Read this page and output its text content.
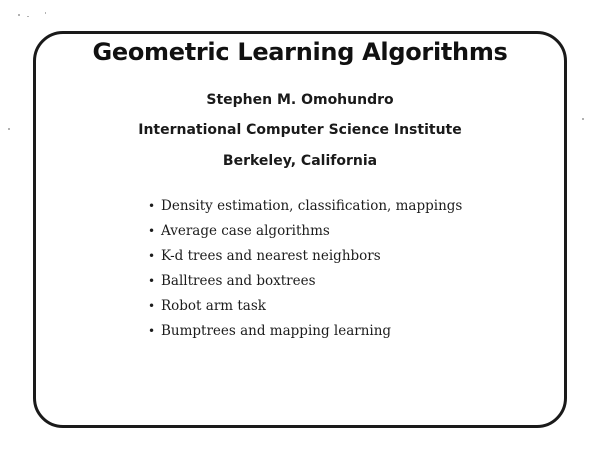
Geometric Learning Algorithms
Stephen M. Omohundro
International Computer Science Institute
Berkeley, California
• Density estimation, classification, mappings
• Average case algorithms
• K-d trees and nearest neighbors
• Balltrees and boxtrees
• Robot arm task
• Bumptrees and mapping learning
